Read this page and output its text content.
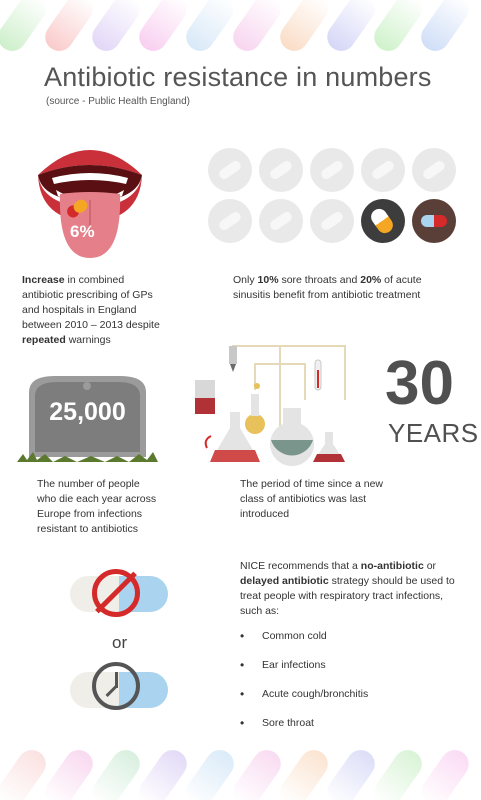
Antibiotic resistance in numbers
(source - Public Health England)
6%
Increase in combined antibiotic prescribing of GPs and hospitals in England between 2010 – 2013 despite repeated warnings
Only 10% sore throats and 20% of acute sinusitis benefit from antibiotic treatment
25,000
The number of people who die each year across Europe from infections resistant to antibiotics
30
YEARS
The period of time since a new class of antibiotics was last introduced
or
NICE recommends that a no-antibiotic or delayed antibiotic strategy should be used to treat people with respiratory tract infections, such as:
• Common cold
• Ear infections
• Acute cough/bronchitis
• Sore throat
